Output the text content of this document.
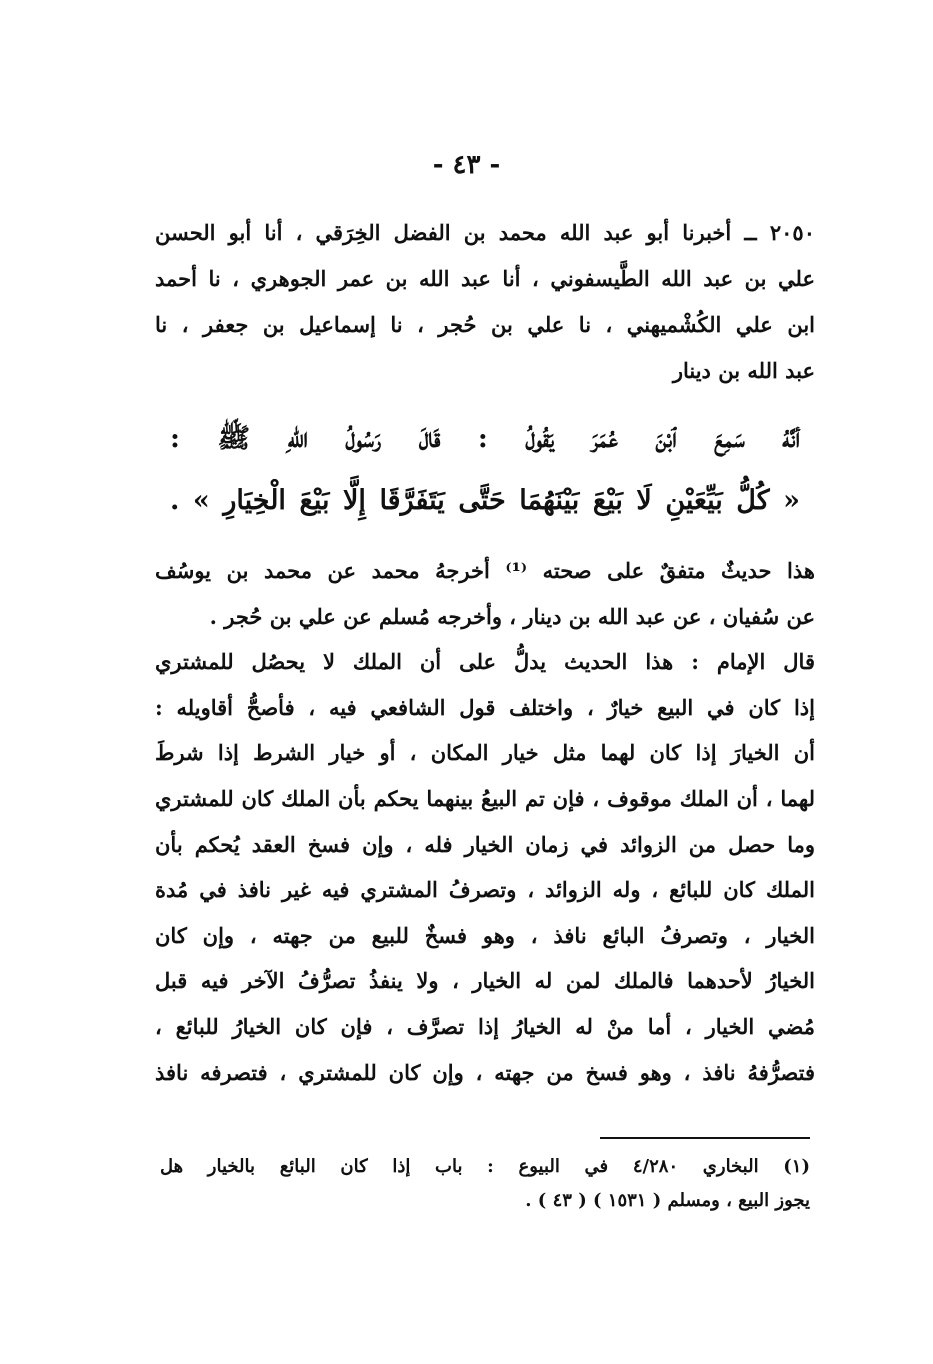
- ٤٣ -
٢٠٥٠ ــ أخبرنا أبو عبد الله محمد بن الفضل الخِرَقي ، أنا أبو الحسن
علي بن عبد الله الطَّيسفوني ، أنا عبد الله بن عمر الجوهري ، نا أحمد
ابن علي الكُشْميهني ، نا علي بن حُجر ، نا إسماعيل بن جعفر ، نا
عبد الله بن دينار
أنَّهُ سَمِعَ ٱبْنَ عُمَرَ يَقُولُ : قَالَ رَسُولُ اللهِ ﷺ :
« كُلُّ بَيِّعَيْنِ لَا بَيْعَ بَيْنَهُمَا حَتَّى يَتَفَرَّقَا إِلَّا بَيْعَ الْخِيَارِ » .
هذا حديثٌ متفقٌ على صحته ⁽¹⁾ أخرجهُ محمد عن محمد بن يوسُف
عن سُفيان ، عن عبد الله بن دينار ، وأخرجه مُسلم عن علي بن حُجر .
قال الإمام : هذا الحديث يدلُّ على أن الملك لا يحصُل للمشتري
إذا كان في البيع خيارٌ ، واختلف قول الشافعي فيه ، فأصحُّ أقاويله :
أن الخيارَ إذا كان لهما مثل خيار المكان ، أو خيار الشرط إذا شرطَ
لهما ، أن الملك موقوف ، فإن تم البيعُ بينهما يحكم بأن الملك كان للمشتري
وما حصل من الزوائد في زمان الخيار فله ، وإن فسخ العقد يُحكم بأن
الملك كان للبائع ، وله الزوائد ، وتصرفُ المشتري فيه غير نافذ في مُدة
الخيار ، وتصرفُ البائع نافذ ، وهو فسخٌ للبيع من جهته ، وإن كان
الخيارُ لأحدهما فالملك لمن له الخيار ، ولا ينفذُ تصرُّفُ الآخر فيه قبل
مُضي الخيار ، أما منْ له الخيارُ إذا تصرَّف ، فإن كان الخيارُ للبائع ،
فتصرُّفهُ نافذ ، وهو فسخ من جهته ، وإن كان للمشتري ، فتصرفه نافذ
(١) البخاري ٤/٢٨٠ في البيوع : باب إذا كان البائع بالخيار هل
يجوز البيع ، ومسلم ( ١٥٣١ ) ( ٤٣ ) .
